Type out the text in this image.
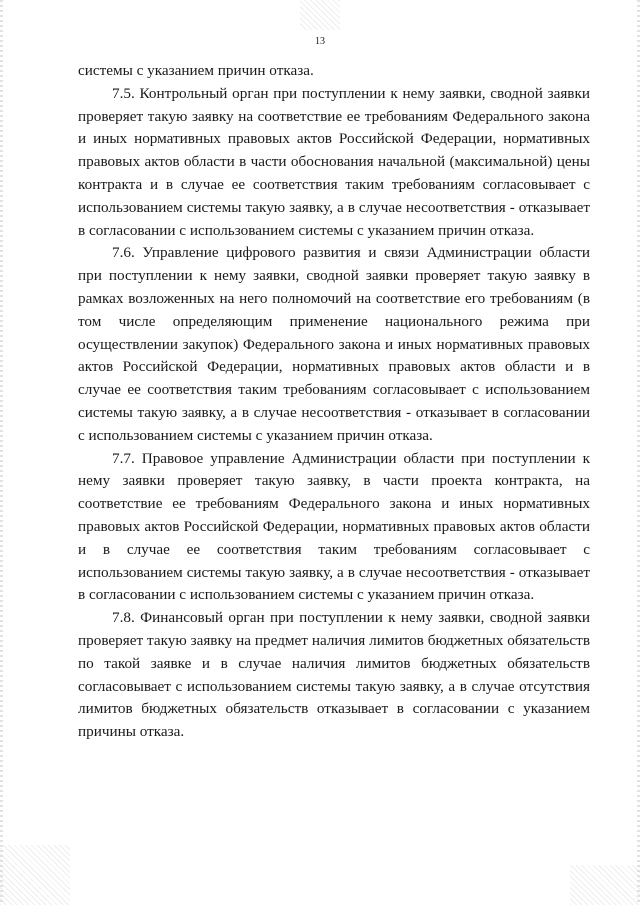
13

системы с указанием причин отказа.

7.5. Контрольный орган при поступлении к нему заявки, сводной заявки проверяет такую заявку на соответствие ее требованиям Федерального закона и иных нормативных правовых актов Российской Федерации, нормативных правовых актов области в части обоснования начальной (максимальной) цены контракта и в случае ее соответствия таким требованиям согласовывает с использованием системы такую заявку, а в случае несоответствия - отказывает в согласовании с использованием системы с указанием причин отказа.

7.6. Управление цифрового развития и связи Администрации области при поступлении к нему заявки, сводной заявки проверяет такую заявку в рамках возложенных на него полномочий на соответствие его требованиям (в том числе определяющим применение национального режима при осуществлении закупок) Федерального закона и иных нормативных правовых актов Российской Федерации, нормативных правовых актов области и в случае ее соответствия таким требованиям согласовывает с использованием системы такую заявку, а в случае несоответствия - отказывает в согласовании с использованием системы с указанием причин отказа.

7.7. Правовое управление Администрации области при поступлении к нему заявки проверяет такую заявку, в части проекта контракта, на соответствие ее требованиям Федерального закона и иных нормативных правовых актов Российской Федерации, нормативных правовых актов области и в случае ее соответствия таким требованиям согласовывает с использованием системы такую заявку, а в случае несоответствия - отказывает в согласовании с использованием системы с указанием причин отказа.

7.8. Финансовый орган при поступлении к нему заявки, сводной заявки проверяет такую заявку на предмет наличия лимитов бюджетных обязательств по такой заявке и в случае наличия лимитов бюджетных обязательств согласовывает с использованием системы такую заявку, а в случае отсутствия лимитов бюджетных обязательств отказывает в согласовании с указанием причины отказа.
